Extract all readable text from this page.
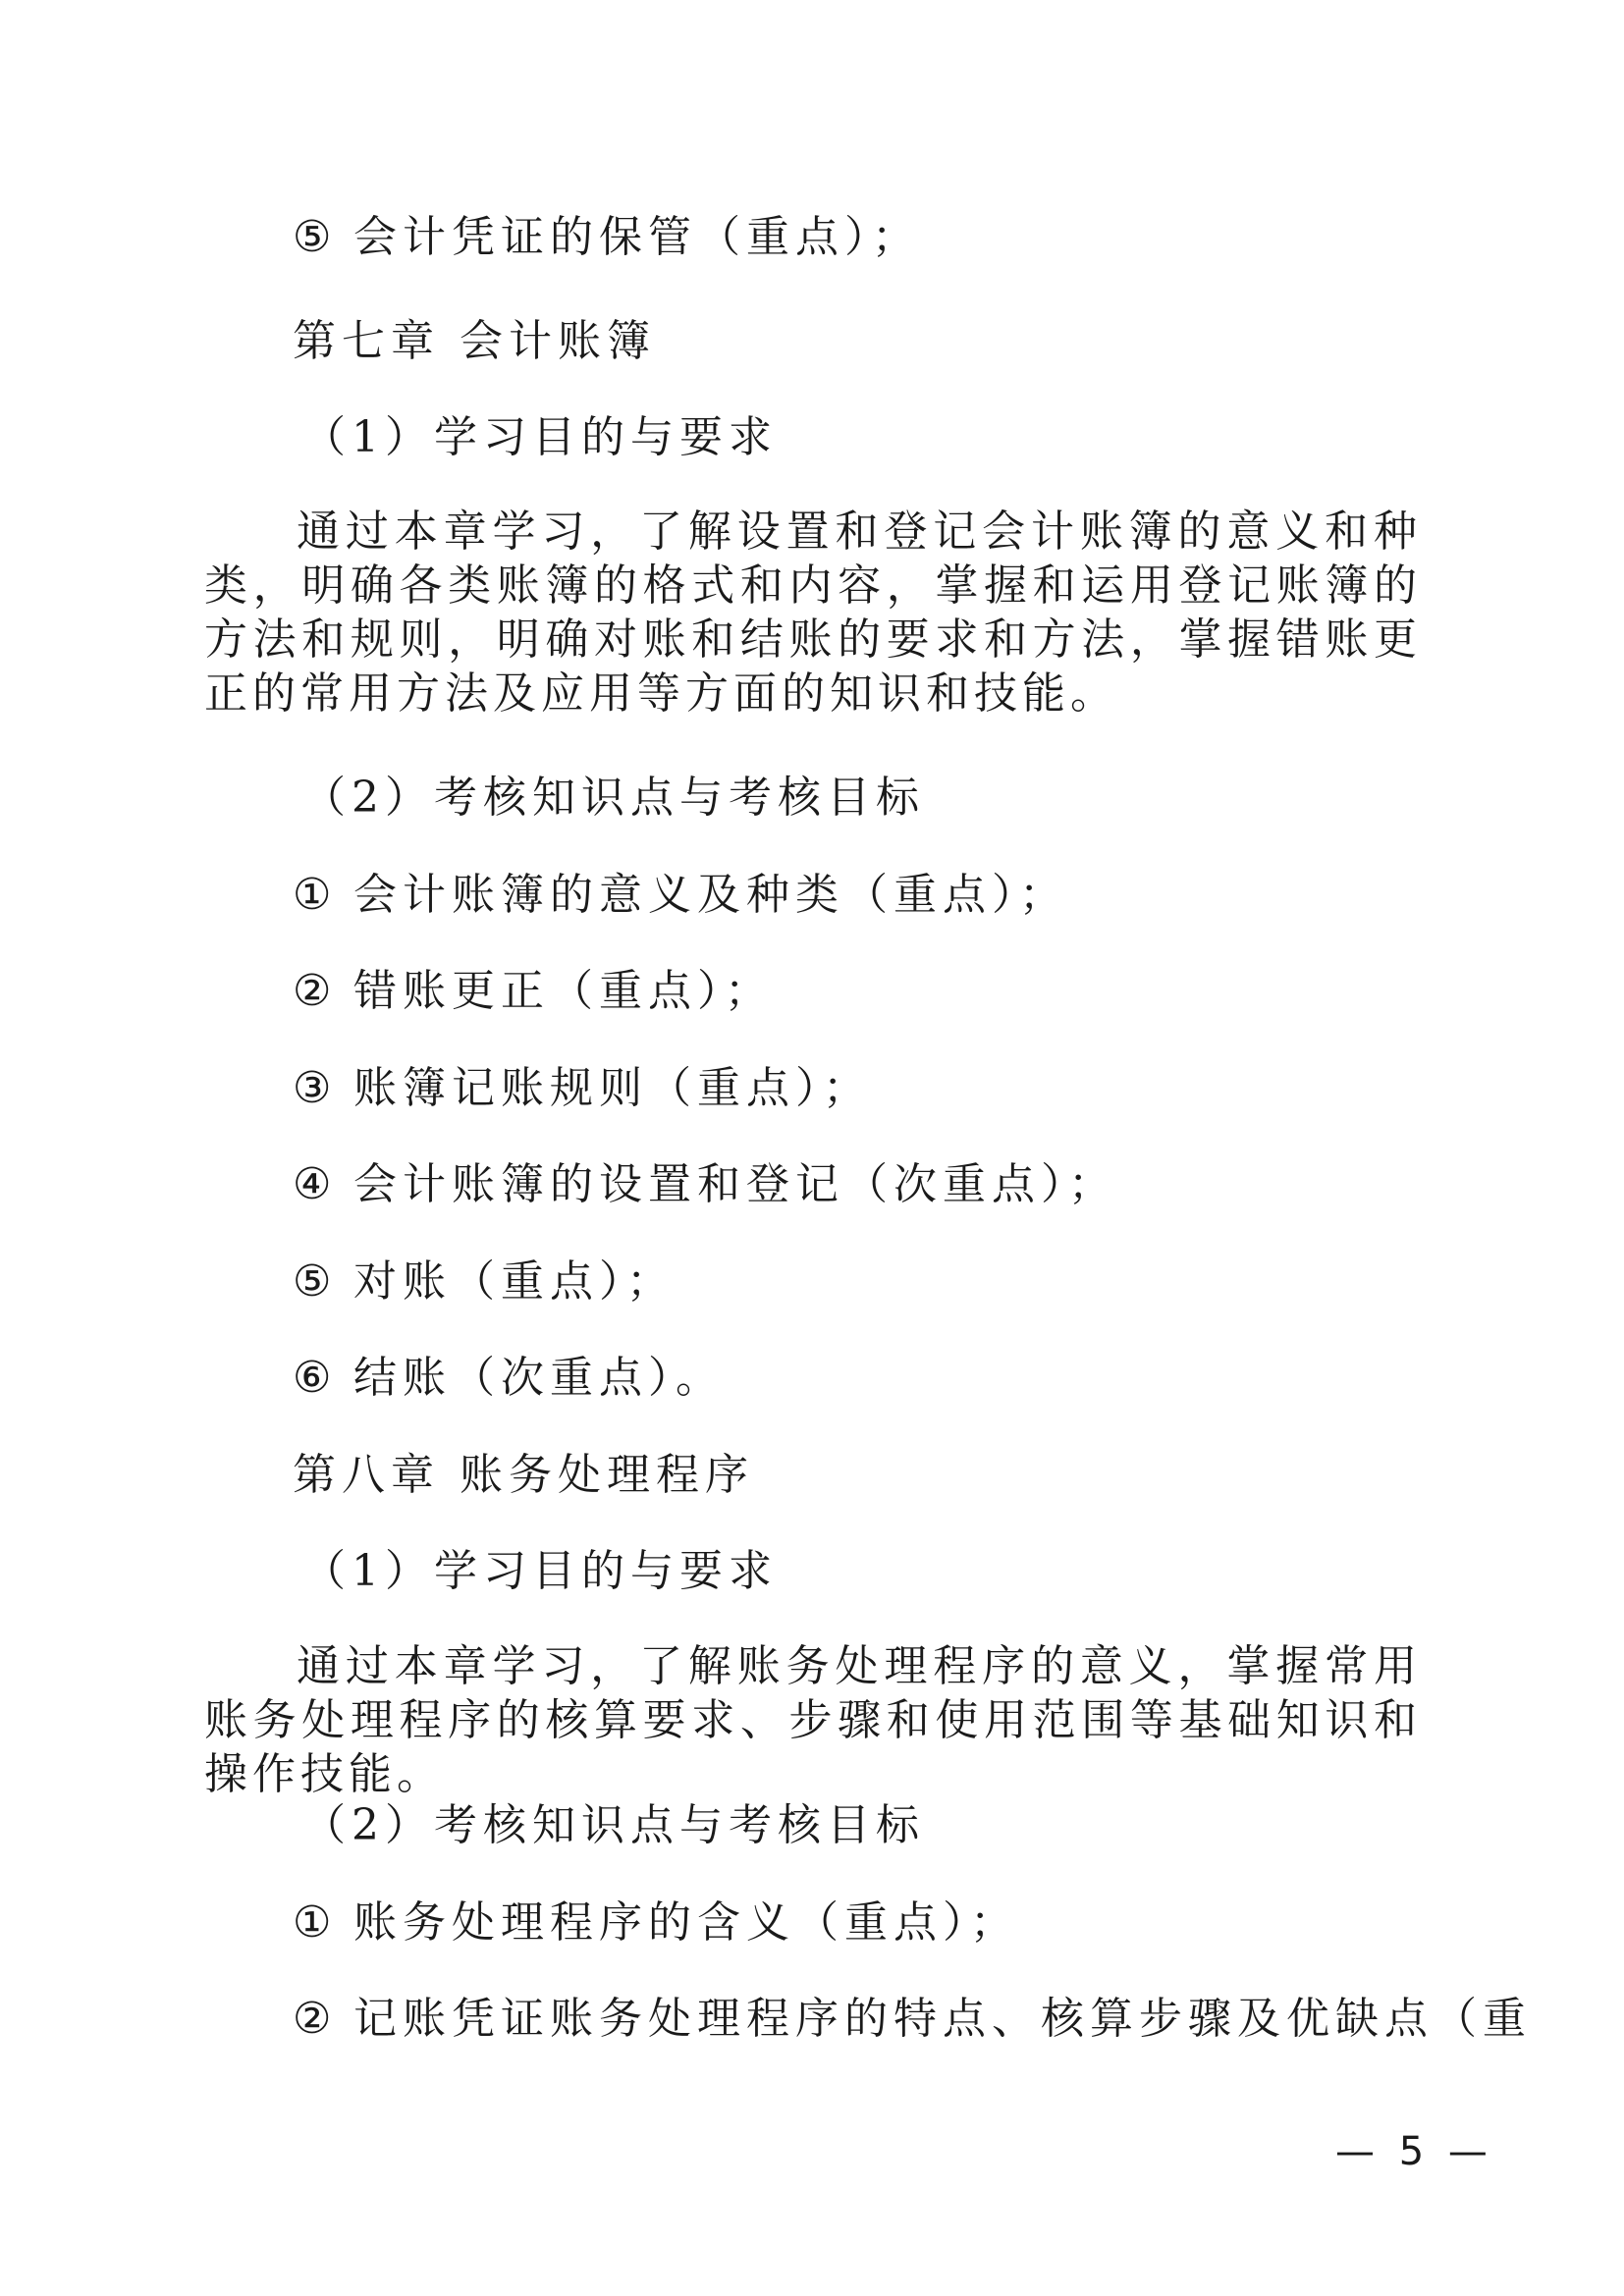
⑤ 会计凭证的保管（重点）；
第七章 会计账簿
（1）学习目的与要求
通过本章学习，了解设置和登记会计账簿的意义和种类，明确各类账簿的格式和内容，掌握和运用登记账簿的方法和规则，明确对账和结账的要求和方法，掌握错账更正的常用方法及应用等方面的知识和技能。
（2）考核知识点与考核目标
① 会计账簿的意义及种类（重点）；
② 错账更正（重点）；
③ 账簿记账规则（重点）；
④ 会计账簿的设置和登记（次重点）；
⑤ 对账（重点）；
⑥ 结账（次重点）。
第八章 账务处理程序
（1）学习目的与要求
通过本章学习，了解账务处理程序的意义，掌握常用账务处理程序的核算要求、步骤和使用范围等基础知识和操作技能。
（2）考核知识点与考核目标
① 账务处理程序的含义（重点）；
② 记账凭证账务处理程序的特点、核算步骤及优缺点（重
— 5 —
